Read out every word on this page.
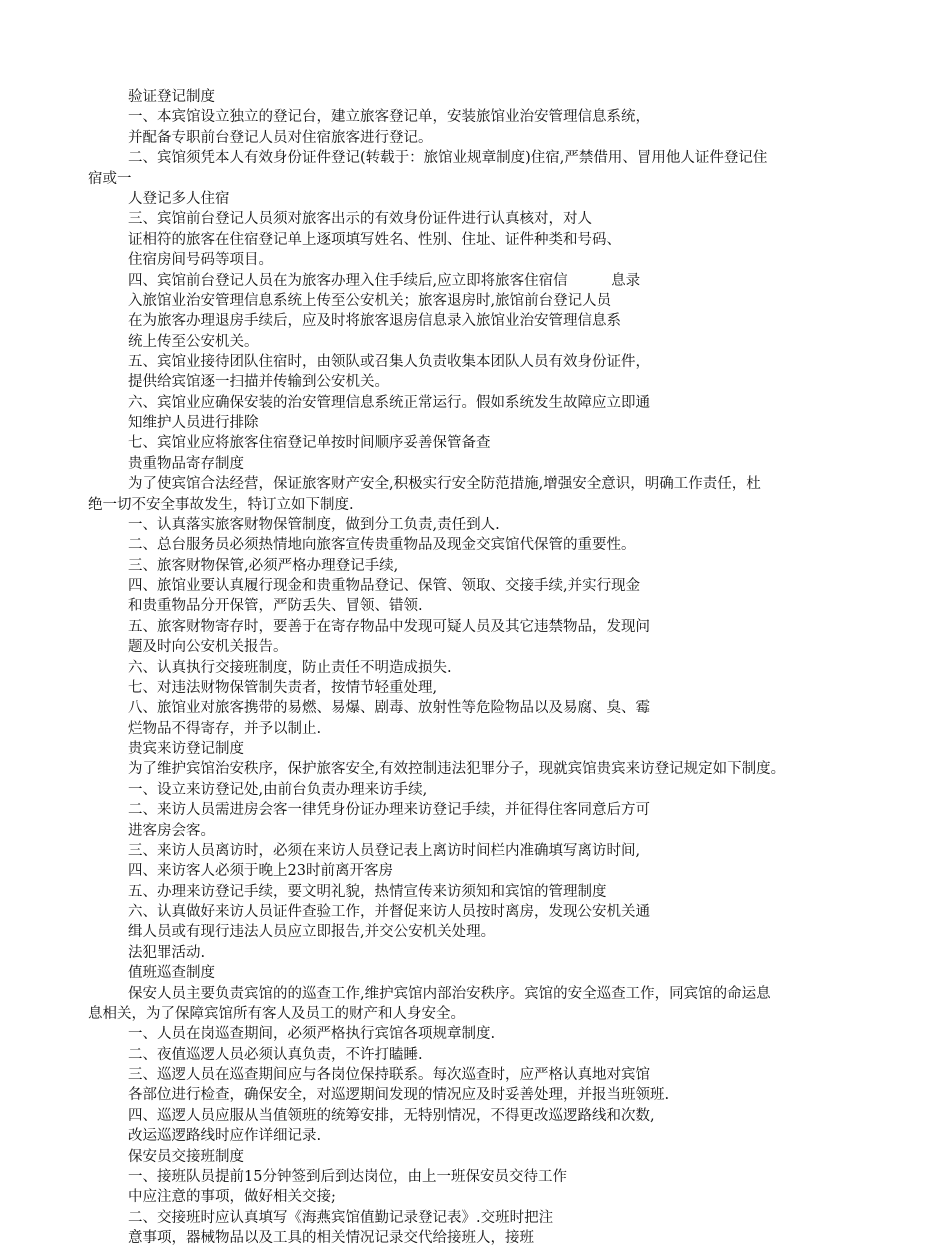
验证登记制度
一、本宾馆设立独立的登记台，建立旅客登记单，安装旅馆业治安管理信息系统，
并配备专职前台登记人员对住宿旅客进行登记。
二、宾馆须凭本人有效身份证件登记(转载于：旅馆业规章制度)住宿,严禁借用、冒用他人证件登记住
宿或一
人登记多人住宿
三、宾馆前台登记人员须对旅客出示的有效身份证件进行认真核对，对人
证相符的旅客在住宿登记单上逐项填写姓名、性别、住址、证件种类和号码、
住宿房间号码等项目。
四、宾馆前台登记人员在为旅客办理入住手续后,应立即将旅客住宿信　　　息录
入旅馆业治安管理信息系统上传至公安机关；旅客退房时,旅馆前台登记人员
在为旅客办理退房手续后，应及时将旅客退房信息录入旅馆业治安管理信息系
统上传至公安机关。
五、宾馆业接待团队住宿时，由领队或召集人负责收集本团队人员有效身份证件，
提供给宾馆逐一扫描并传输到公安机关。
六、宾馆业应确保安装的治安管理信息系统正常运行。假如系统发生故障应立即通
知维护人员进行排除
七、宾馆业应将旅客住宿登记单按时间顺序妥善保管备查
贵重物品寄存制度
为了使宾馆合法经营，保证旅客财产安全,积极实行安全防范措施,增强安全意识，明确工作责任，杜
绝一切不安全事故发生，特订立如下制度.
一、认真落实旅客财物保管制度，做到分工负责,责任到人.
二、总台服务员必须热情地向旅客宣传贵重物品及现金交宾馆代保管的重要性。
三、旅客财物保管,必须严格办理登记手续,
四、旅馆业要认真履行现金和贵重物品登记、保管、领取、交接手续,并实行现金
和贵重物品分开保管，严防丢失、冒领、错领.
五、旅客财物寄存时，要善于在寄存物品中发现可疑人员及其它违禁物品，发现问
题及时向公安机关报告。
六、认真执行交接班制度，防止责任不明造成损失.
七、对违法财物保管制失责者，按情节轻重处理,
八、旅馆业对旅客携带的易燃、易爆、剧毒、放射性等危险物品以及易腐、臭、霉
烂物品不得寄存，并予以制止.
贵宾来访登记制度
为了维护宾馆治安秩序，保护旅客安全,有效控制违法犯罪分子，现就宾馆贵宾来访登记规定如下制度。
一、设立来访登记处,由前台负责办理来访手续,
二、来访人员需进房会客一律凭身份证办理来访登记手续，并征得住客同意后方可
进客房会客。
三、来访人员离访时，必须在来访人员登记表上离访时间栏内准确填写离访时间,
四、来访客人必须于晚上23时前离开客房
五、办理来访登记手续，要文明礼貌，热情宣传来访须知和宾馆的管理制度
六、认真做好来访人员证件查验工作，并督促来访人员按时离房，发现公安机关通
缉人员或有现行违法人员应立即报告,并交公安机关处理。
法犯罪活动.
值班巡查制度
保安人员主要负责宾馆的的巡查工作,维护宾馆内部治安秩序。宾馆的安全巡查工作，同宾馆的命运息
息相关，为了保障宾馆所有客人及员工的财产和人身安全。
一、人员在岗巡查期间，必须严格执行宾馆各项规章制度.
二、夜值巡逻人员必须认真负责，不许打瞌睡.
三、巡逻人员在巡查期间应与各岗位保持联系。每次巡查时，应严格认真地对宾馆
各部位进行检查，确保安全，对巡逻期间发现的情况应及时妥善处理，并报当班领班.
四、巡逻人员应服从当值领班的统筹安排，无特别情况，不得更改巡逻路线和次数,
改运巡逻路线时应作详细记录.
保安员交接班制度
一、接班队员提前15分钟签到后到达岗位，由上一班保安员交待工作
中应注意的事项，做好相关交接;
二、交接班时应认真填写《海燕宾馆值勤记录登记表》.交班时把注
意事项，器械物品以及工具的相关情况记录交代给接班人，接班
